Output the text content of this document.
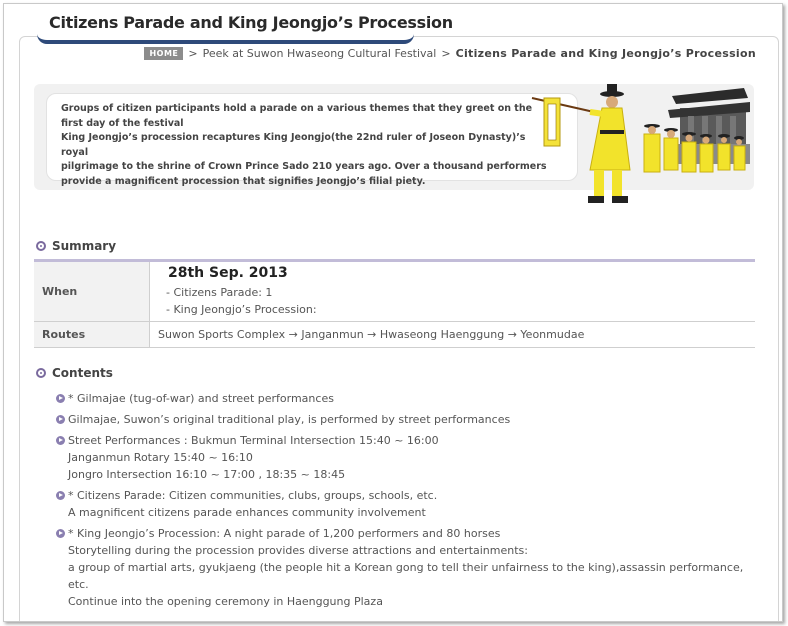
Citizens Parade and King Jeongjo’s Procession
HOME > Peek at Suwon Hwaseong Cultural Festival > Citizens Parade and King Jeongjo’s Procession
Groups of citizen participants hold a parade on a various themes that they greet on the
first day of the festival
King Jeongjo’s procession recaptures King Jeongjo(the 22nd ruler of Joseon Dynasty)’s royal
pilgrimage to the shrine of Crown Prince Sado 210 years ago. Over a thousand performers
provide a magnificent procession that signifies Jeongjo’s filial piety.
Summary
When	28th Sep. 2013
- Citizens Parade: 1
- King Jeongjo’s Procession:

Routes	Suwon Sports Complex → Janganmun → Hwaseong Haenggung → Yeonmudae
Contents
* Gilmajae (tug-of-war) and street performances
Gilmajae, Suwon’s original traditional play, is performed by street performances
Street Performances : Bukmun Terminal Intersection 15:40 ~ 16:00
Janganmun Rotary 15:40 ~ 16:10
Jongro Intersection 16:10 ~ 17:00 , 18:35 ~ 18:45
* Citizens Parade: Citizen communities, clubs, groups, schools, etc.
A magnificent citizens parade enhances community involvement
* King Jeongjo’s Procession: A night parade of 1,200 performers and 80 horses
Storytelling during the procession provides diverse attractions and entertainments:
a group of martial arts, gyukjaeng (the people hit a Korean gong to tell their unfairness to the king),assassin performance,
etc.
Continue into the opening ceremony in Haenggung Plaza
